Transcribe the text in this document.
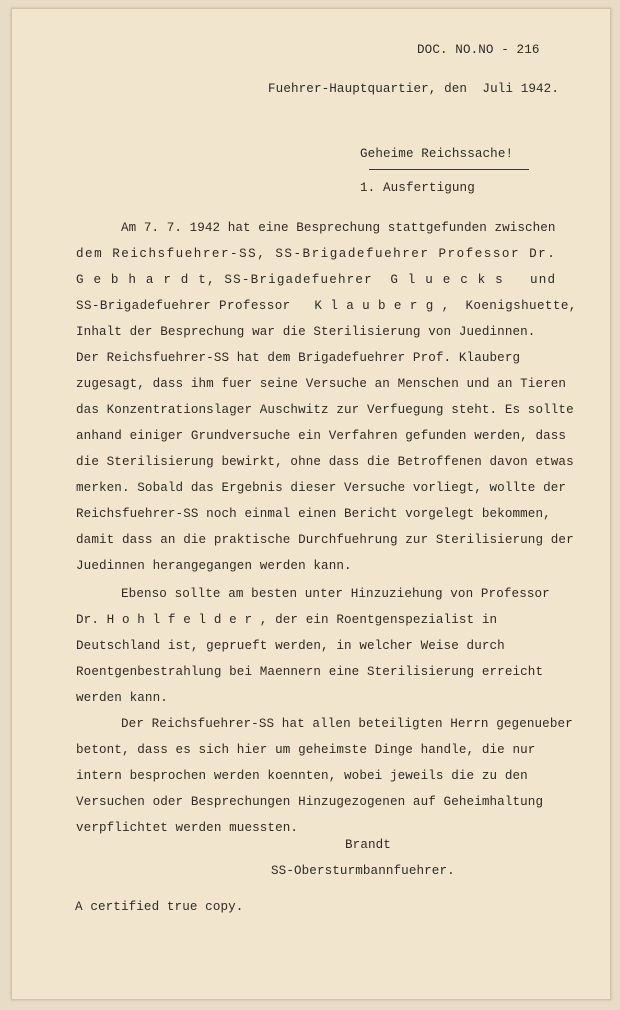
DOC. NO.NO - 216
Fuehrer-Hauptquartier, den  Juli 1942.
Geheime Reichssache!
1. Ausfertigung
Am 7. 7. 1942 hat eine Besprechung stattgefunden zwischen
dem Reichsfuehrer-SS, SS-Brigadefuehrer Professor Dr.
G e b h a r d t, SS-Brigadefuehrer  G l u e c k s   und
SS-Brigadefuehrer Professor   K l a u b e r g ,  Koenigshuette,
Inhalt der Besprechung war die Sterilisierung von Juedinnen.
Der Reichsfuehrer-SS hat dem Brigadefuehrer Prof. Klauberg
zugesagt, dass ihm fuer seine Versuche an Menschen und an Tieren
das Konzentrationslager Auschwitz zur Verfuegung steht. Es sollte
anhand einiger Grundversuche ein Verfahren gefunden werden, dass
die Sterilisierung bewirkt, ohne dass die Betroffenen davon etwas
merken. Sobald das Ergebnis dieser Versuche vorliegt, wollte der
Reichsfuehrer-SS noch einmal einen Bericht vorgelegt bekommen,
damit dass an die praktische Durchfuehrung zur Sterilisierung der
Juedinnen herangegangen werden kann.
Ebenso sollte am besten unter Hinzuziehung von Professor
Dr. H o h l f e l d e r , der ein Roentgenspezialist in
Deutschland ist, geprueft werden, in welcher Weise durch
Roentgenbestrahlung bei Maennern eine Sterilisierung erreicht
werden kann.
Der Reichsfuehrer-SS hat allen beteiligten Herrn gegenueber
betont, dass es sich hier um geheimste Dinge handle, die nur
intern besprochen werden koennten, wobei jeweils die zu den
Versuchen oder Besprechungen Hinzugezogenen auf Geheimhaltung
verpflichtet werden muessten.
Brandt
SS-Obersturmbannfuehrer.
A certified true copy.
